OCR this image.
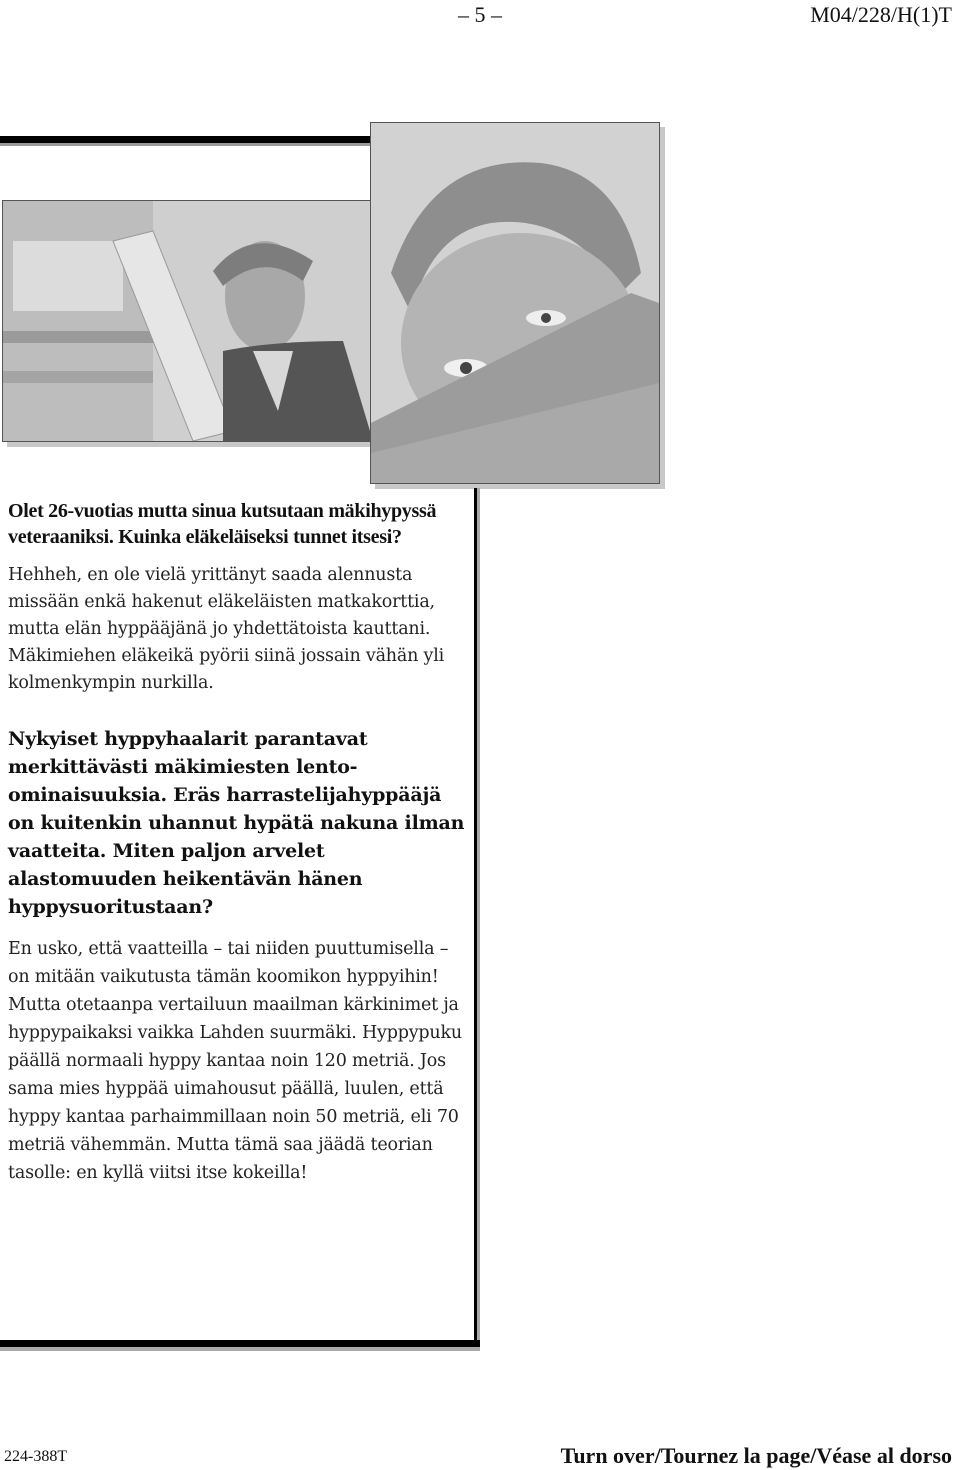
– 5 –	M04/228/H(1)T
Olet 26-vuotias mutta sinua kutsutaan mäkihypyssä veteraaniksi. Kuinka eläkeläiseksi tunnet itsesi?
Hehheh, en ole vielä yrittänyt saada alennusta missään enkä hakenut eläkeläisten matkakorttia, mutta elän hyppääjänä jo yhdettätoista kauttani. Mäkimiehen eläkeikä pyörii siinä jossain vähän yli kolmenkympin nurkilla.
Nykyiset hyppyhaalarit parantavat merkittävästi mäkimiesten lento-ominaisuuksia. Eräs harrastelijahyppääjä on kuitenkin uhannut hypätä nakuna ilman vaatteita. Miten paljon arvelet alastomuuden heikentävän hänen hyppysuoritustaan?
En usko, että vaatteilla – tai niiden puuttumisella – on mitään vaikutusta tämän koomikon hyppyihin! Mutta otetaanpa vertailuun maailman kärkinimet ja hyppypaikaksi vaikka Lahden suurmäki. Hyppypuku päällä normaali hyppy kantaa noin 120 metriä. Jos sama mies hyppää uimahousut päällä, luulen, että hyppy kantaa parhaimmillaan noin 50 metriä, eli 70 metriä vähemmän. Mutta tämä saa jäädä teorian tasolle: en kyllä viitsi itse kokeilla!
224-388T	Turn over/Tournez la page/Véase al dorso
